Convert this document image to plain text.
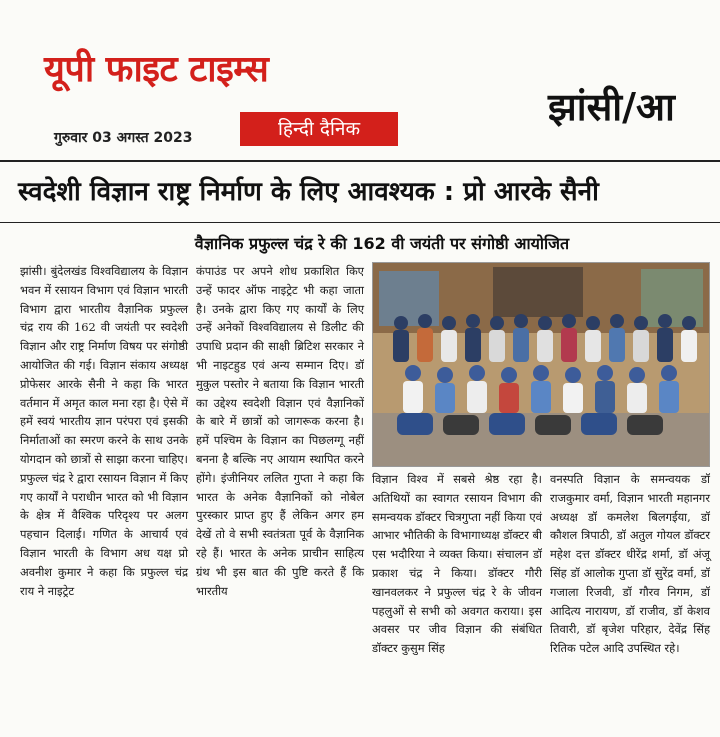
यूपी फाइट टाइम्स
गुरुवार 03 अगस्त 2023	हिन्दी दैनिक	झांसी/आ
स्वदेशी विज्ञान राष्ट्र निर्माण के लिए आवश्यक : प्रो आरके सैनी
वैज्ञानिक प्रफुल्ल चंद्र रे की 162 वी जयंती पर संगोष्ठी आयोजित

झांसी। बुंदेलखंड विश्वविद्यालय के विज्ञान भवन में रसायन विभाग एवं विज्ञान भारती विभाग द्वारा भारतीय वैज्ञानिक प्रफुल्ल चंद्र राय की 162 वी जयंती पर स्वदेशी विज्ञान और राष्ट्र निर्माण विषय पर संगोष्ठी आयोजित की गई। विज्ञान संकाय अध्यक्ष प्रोफेसर आरके सैनी ने कहा कि भारत वर्तमान में अमृत काल मना रहा है। ऐसे में हमें स्वयं भारतीय ज्ञान परंपरा एवं इसकी निर्माताओं का स्मरण करने के साथ उनके योगदान को छात्रों से साझा करना चाहिए। प्रफुल्ल चंद्र रे द्वारा रसायन विज्ञान में किए गए कार्यों ने पराधीन भारत को भी विज्ञान के क्षेत्र में वैश्विक परिदृश्य पर अलग पहचान दिलाई। गणित के आचार्य एवं विज्ञान भारती के विभाग अध यक्ष प्रो अवनीश कुमार ने कहा कि प्रफुल्ल चंद्र राय ने नाइट्रेट

कंपाउंड पर अपने शोध प्रकाशित किए उन्हें फादर ऑफ नाइट्रेट भी कहा जाता है। उनके द्वारा किए गए कार्यों के लिए उन्हें अनेकों विश्वविद्यालय से डिलीट की उपाधि प्रदान की साक्षी ब्रिटिश सरकार ने भी नाइटहुड एवं अन्य सम्मान दिए। डॉ मुकुल पस्तोर ने बताया कि विज्ञान भारती का उद्देश्य स्वदेशी विज्ञान एवं वैज्ञानिकों के बारे में छात्रों को जागरूक करना है। हमें पश्चिम के विज्ञान का पिछलग्गू नहीं बनना है बल्कि नए आयाम स्थापित करने होंगे। इंजीनियर ललित गुप्ता ने कहा कि भारत के अनेक वैज्ञानिकों को नोबेल पुरस्कार प्राप्त हुए हैं लेकिन अगर हम देखें तो वे सभी स्वतंत्रता पूर्व के वैज्ञानिक रहे हैं। भारत के अनेक प्राचीन साहित्य ग्रंथ भी इस बात की पुष्टि करते हैं कि भारतीय

विज्ञान विश्व में सबसे श्रेष्ठ रहा है। अतिथियों का स्वागत रसायन विभाग की समन्वयक डॉक्टर चित्रगुप्ता नहीं किया एवं आभार भौतिकी के विभागाध्यक्ष डॉक्टर बी एस भदौरिया ने व्यक्त किया। संचालन डॉ प्रकाश चंद्र ने किया। डॉक्टर गौरी खानवलकर ने प्रफुल्ल चंद्र रे के जीवन पहलुओं से सभी को अवगत कराया। इस अवसर पर जीव विज्ञान की संबंधित डॉक्टर कुसुम सिंह

वनस्पति विज्ञान के समन्वयक डॉ राजकुमार वर्मा, विज्ञान भारती महानगर अध्यक्ष डॉ कमलेश बिलगईया, डॉ कौशल त्रिपाठी, डॉ अतुल गोयल डॉक्टर महेश दत्त डॉक्टर धीरेंद्र शर्मा, डॉ अंजू सिंह डॉ आलोक गुप्ता डॉ सुरेंद्र वर्मा, डॉ गजाला रिजवी, डॉ गौरव निगम, डॉ आदित्य नारायण, डॉ राजीव, डॉ केशव तिवारी, डॉ बृजेश परिहार, देवेंद्र सिंह रितिक पटेल आदि उपस्थित रहे।
